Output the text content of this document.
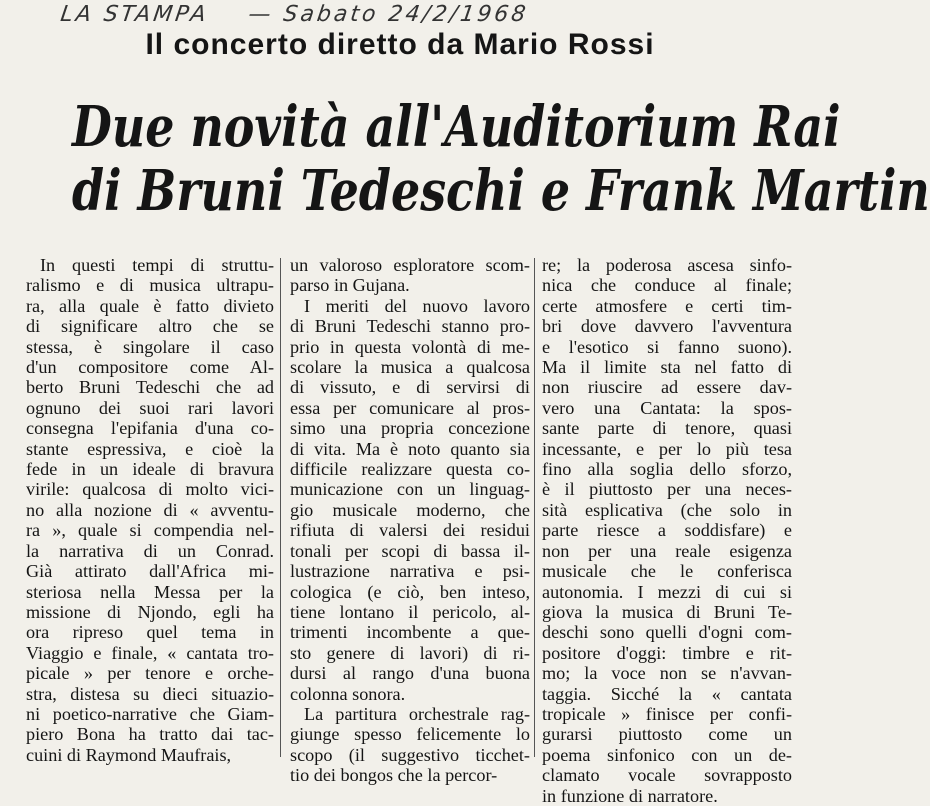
LA STAMPA — Sabato 24/2/1968
Il concerto diretto da Mario Rossi
Due novità all'Auditorium Rai
di Bruni Tedeschi e Frank Martin
In questi tempi di struttu-
ralismo e di musica ultrapu-
ra, alla quale è fatto divieto
di significare altro che se
stessa, è singolare il caso
d'un compositore come Al-
berto Bruni Tedeschi che ad
ognuno dei suoi rari lavori
consegna l'epifania d'una co-
stante espressiva, e cioè la
fede in un ideale di bravura
virile: qualcosa di molto vici-
no alla nozione di « avventu-
ra », quale si compendia nel-
la narrativa di un Conrad.
Già attirato dall'Africa mi-
steriosa nella Messa per la
missione di Njondo, egli ha
ora ripreso quel tema in
Viaggio e finale, « cantata tro-
picale » per tenore e orche-
stra, distesa su dieci situazio-
ni poetico-narrative che Giam-
piero Bona ha tratto dai tac-
cuini di Raymond Maufrais,
un valoroso esploratore scom-
parso in Gujana.
I meriti del nuovo lavoro
di Bruni Tedeschi stanno pro-
prio in questa volontà di me-
scolare la musica a qualcosa
di vissuto, e di servirsi di
essa per comunicare al pros-
simo una propria concezione
di vita. Ma è noto quanto sia
difficile realizzare questa co-
municazione con un linguag-
gio musicale moderno, che
rifiuta di valersi dei residui
tonali per scopi di bassa il-
lustrazione narrativa e psi-
cologica (e ciò, ben inteso,
tiene lontano il pericolo, al-
trimenti incombente a que-
sto genere di lavori) di ri-
dursi al rango d'una buona
colonna sonora.
La partitura orchestrale rag-
giunge spesso felicemente lo
scopo (il suggestivo ticchet-
tio dei bongos che la percor-
re; la poderosa ascesa sinfo-
nica che conduce al finale;
certe atmosfere e certi tim-
bri dove davvero l'avventura
e l'esotico si fanno suono).
Ma il limite sta nel fatto di
non riuscire ad essere dav-
vero una Cantata: la spos-
sante parte di tenore, quasi
incessante, e per lo più tesa
fino alla soglia dello sforzo,
è il piuttosto per una neces-
sità esplicativa (che solo in
parte riesce a soddisfare) e
non per una reale esigenza
musicale che le conferisca
autonomia. I mezzi di cui si
giova la musica di Bruni Te-
deschi sono quelli d'ogni com-
positore d'oggi: timbre e rit-
mo; la voce non se n'avvan-
taggia. Sicché la « cantata
tropicale » finisce per confi-
gurarsi piuttosto come un
poema sinfonico con un de-
clamato vocale sovrapposto
in funzione di narratore.
